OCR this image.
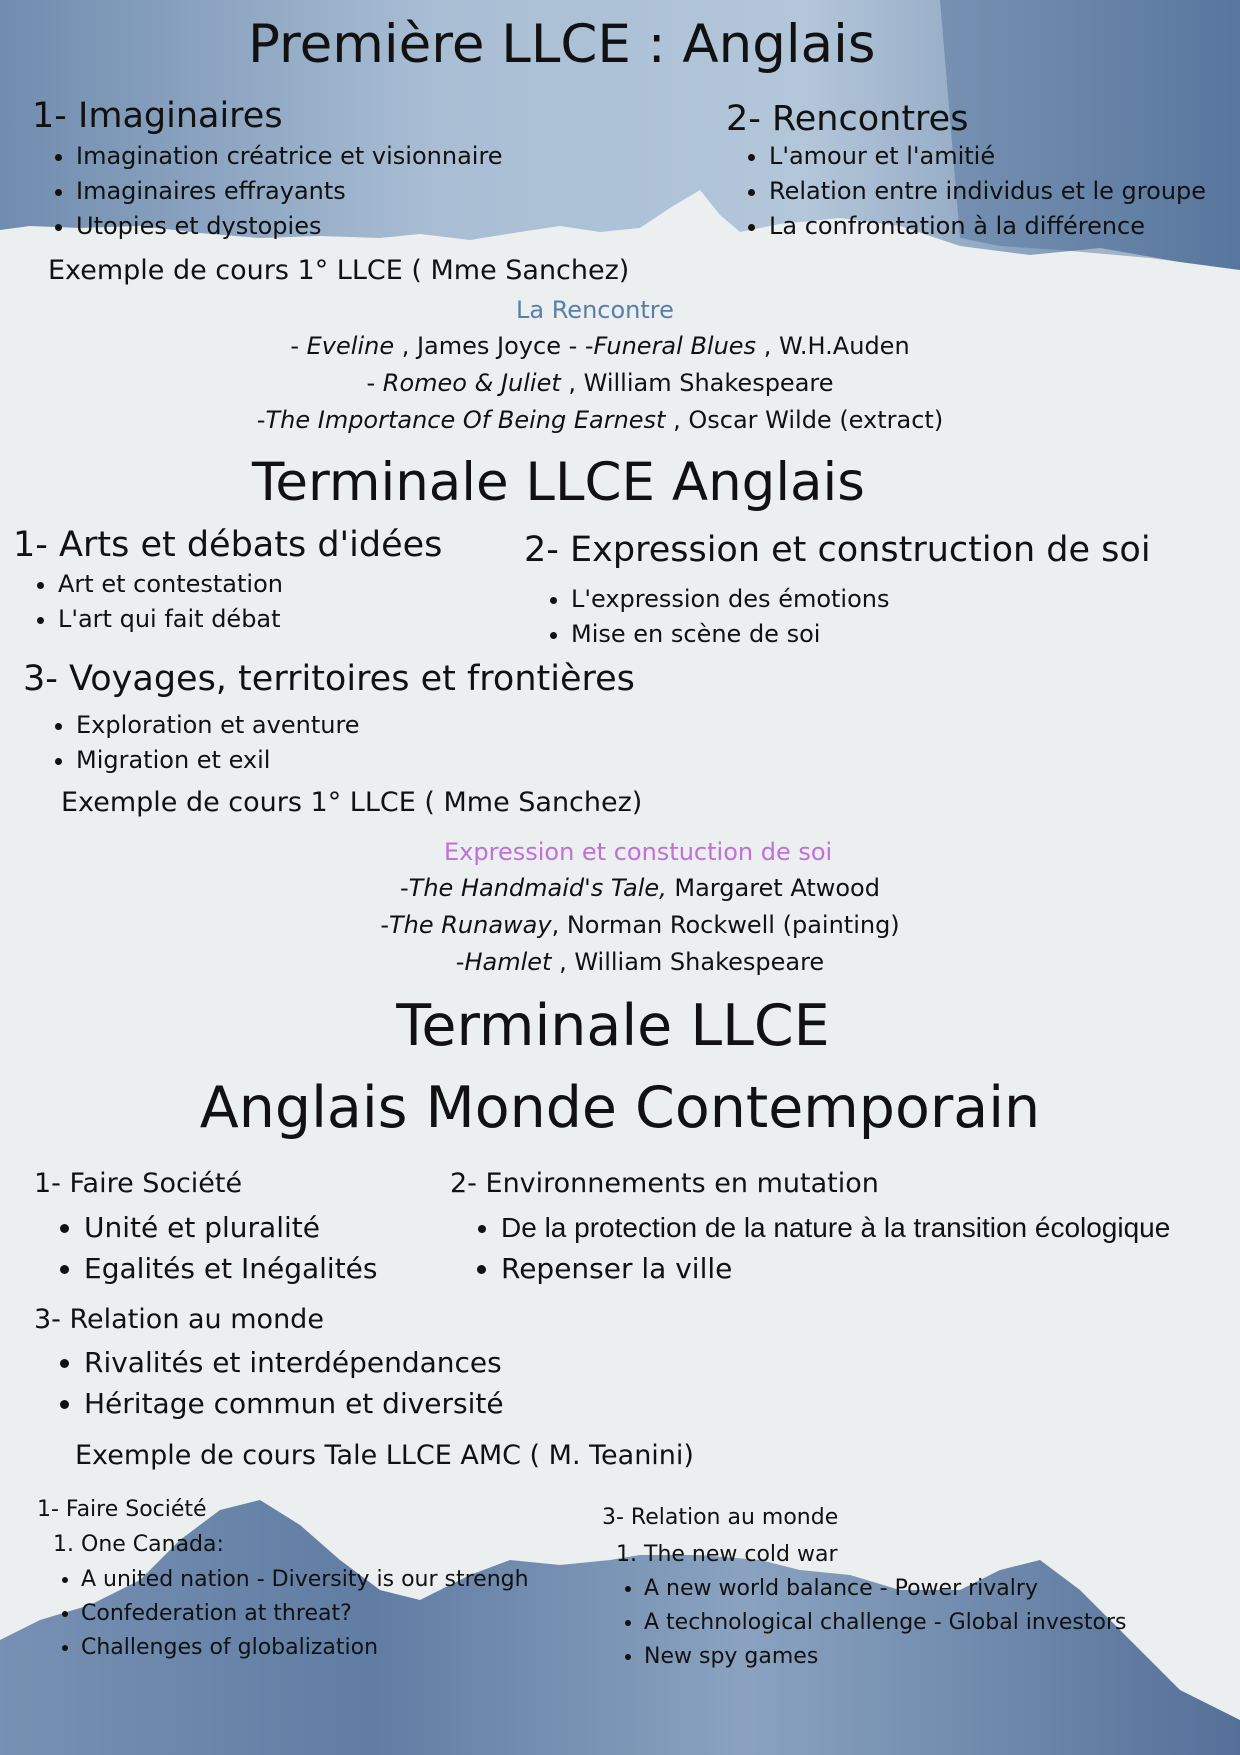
Première LLCE : Anglais
1- Imaginaires
• Imagination créatrice et visionnaire
• Imaginaires effrayants
• Utopies et dystopies
2- Rencontres
• L'amour et l'amitié
• Relation entre individus et le groupe
• La confrontation à la différence
Exemple de cours 1° LLCE ( Mme Sanchez)
La Rencontre
- Eveline , James Joyce - -Funeral Blues , W.H.Auden
- Romeo & Juliet , William Shakespeare
-The Importance Of Being Earnest , Oscar Wilde (extract)
Terminale LLCE Anglais
1- Arts et débats d'idées
• Art et contestation
• L'art qui fait débat
2- Expression et construction de soi
• L'expression des émotions
• Mise en scène de soi
3- Voyages, territoires et frontières
• Exploration et aventure
• Migration et exil
Exemple de cours 1° LLCE ( Mme Sanchez)
Expression et constuction de soi
-The Handmaid's Tale, Margaret Atwood
-The Runaway, Norman Rockwell (painting)
-Hamlet , William Shakespeare
Terminale LLCE
Anglais Monde Contemporain
1- Faire Société
• Unité et pluralité
• Egalités et Inégalités
2- Environnements en mutation
• De la protection de la nature à la transition écologique
• Repenser la ville
3- Relation au monde
• Rivalités et interdépendances
• Héritage commun et diversité
Exemple de cours Tale LLCE AMC ( M. Teanini)
1- Faire Société
1. One Canada:
• A united nation - Diversity is our strengh
• Confederation at threat?
• Challenges of globalization
3- Relation au monde
1. The new cold war
• A new world balance - Power rivalry
• A technological challenge - Global investors
• New spy games
